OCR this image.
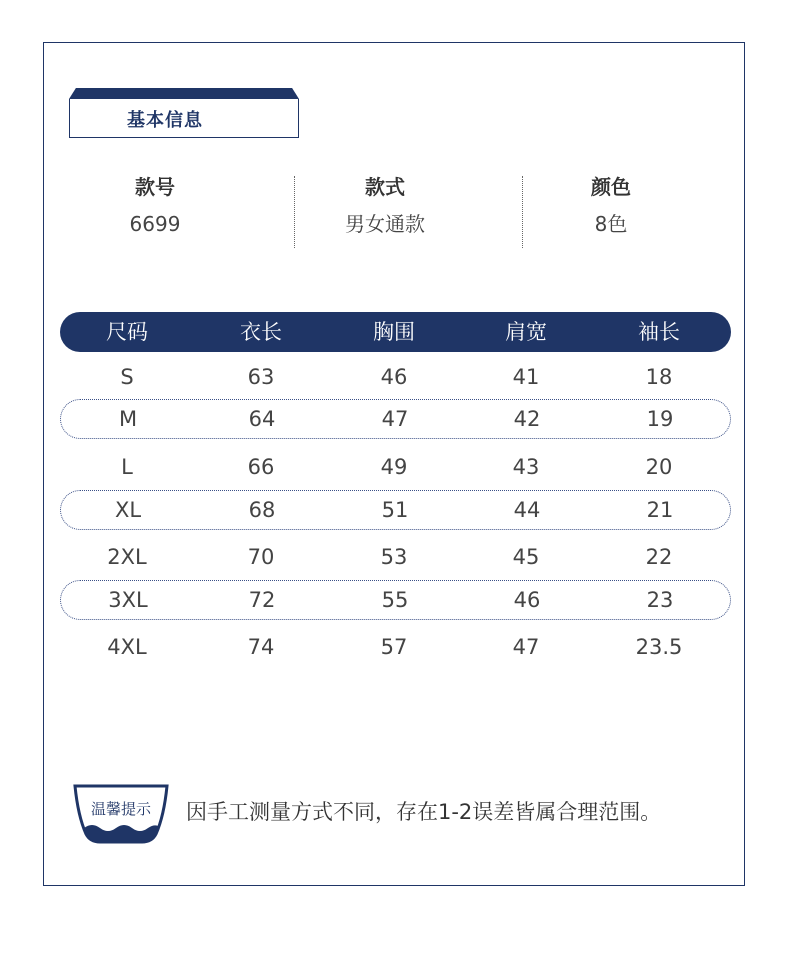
基本信息
款号
6699
款式
男女通款
颜色
8色
尺码	衣长	胸围	肩宽	袖长
S	63	46	41	18
M	64	47	42	19
L	66	49	43	20
XL	68	51	44	21
2XL	70	53	45	22
3XL	72	55	46	23
4XL	74	57	47	23.5
温馨提示 因手工测量方式不同，存在1-2误差皆属合理范围。
